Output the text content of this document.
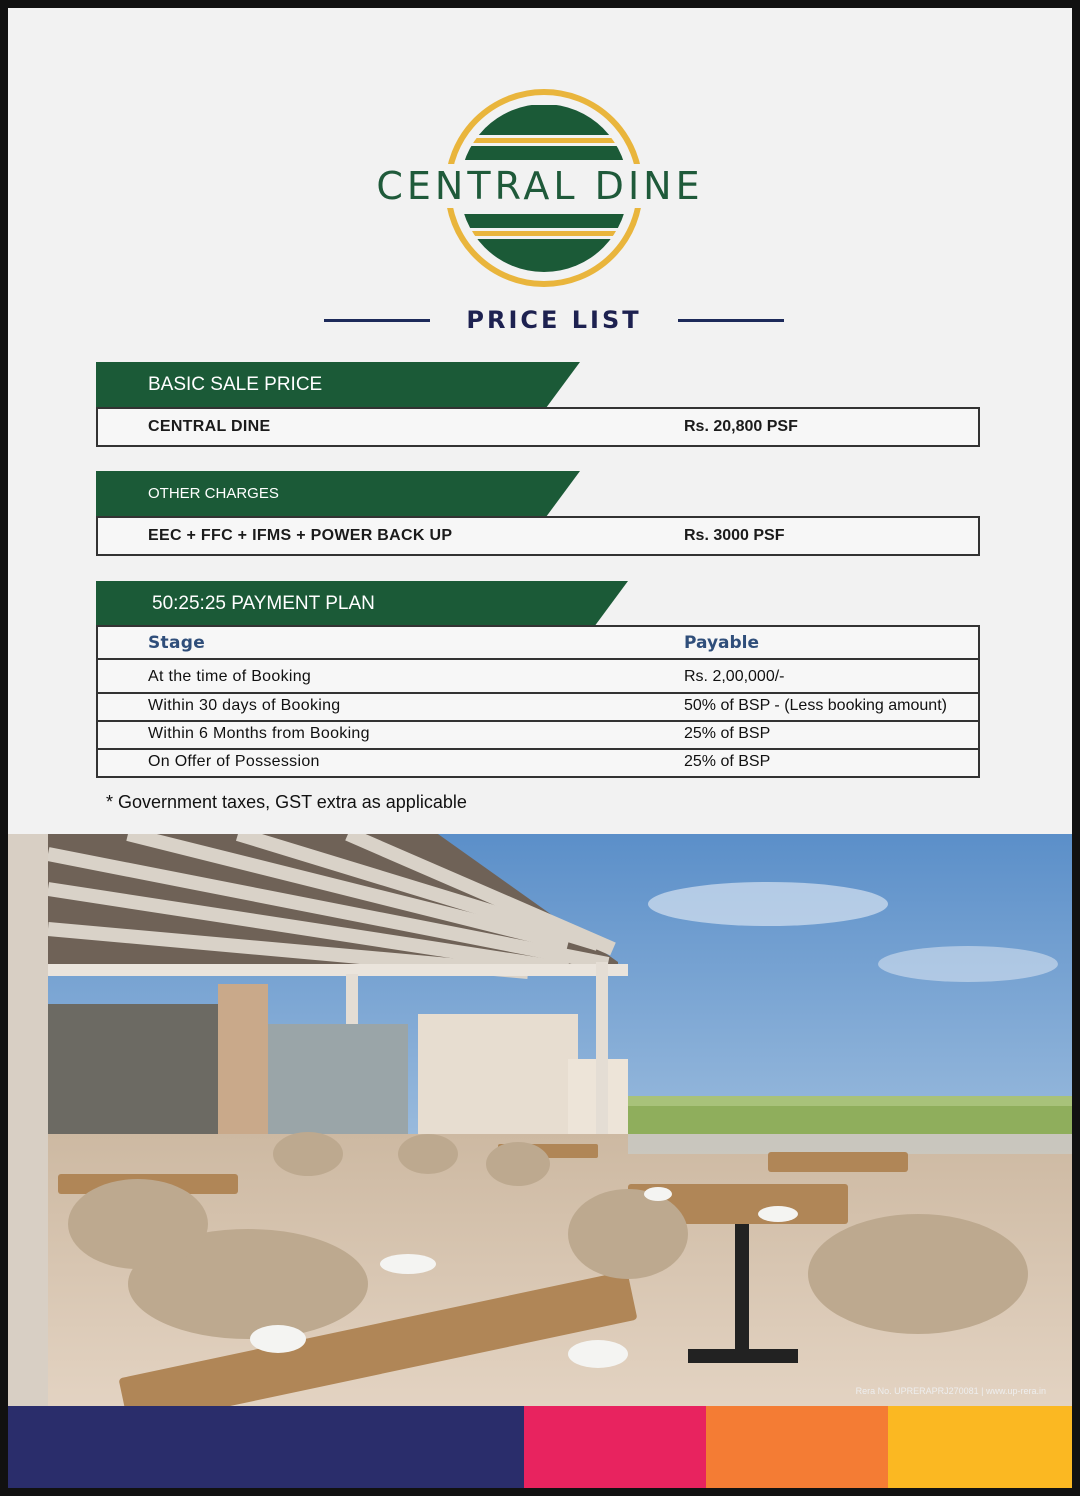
CENTRAL DINE
PRICE LIST
BASIC SALE PRICE
CENTRAL DINE	Rs. 20,800 PSF
OTHER CHARGES
EEC + FFC + IFMS + POWER BACK UP	Rs. 3000 PSF
50:25:25 PAYMENT PLAN
Stage	Payable
At the time of Booking	Rs. 2,00,000/-
Within 30 days of Booking	50% of BSP - (Less booking amount)
Within 6 Months from Booking	25% of BSP
On Offer of Possession	25% of BSP
* Government taxes, GST extra as applicable
Rera No. UPRERAPRJ270081 | www.up-rera.in
